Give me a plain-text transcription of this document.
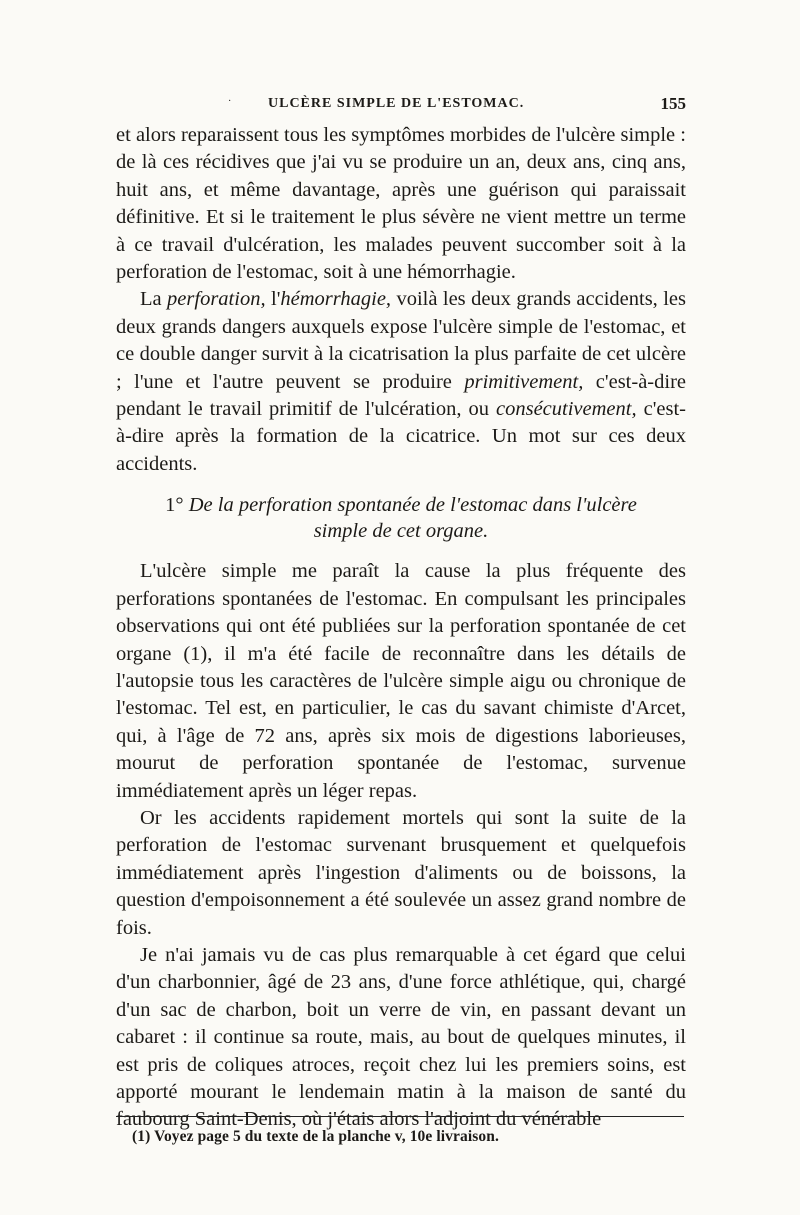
·	ULCÈRE SIMPLE DE L'ESTOMAC.	155

et alors reparaissent tous les symptômes morbides de l'ulcère simple : de là ces récidives que j'ai vu se produire un an, deux ans, cinq ans, huit ans, et même davantage, après une guérison qui paraissait définitive. Et si le traitement le plus sévère ne vient mettre un terme à ce travail d'ulcération, les malades peuvent succomber soit à la perforation de l'estomac, soit à une hémorrhagie.

La perforation, l'hémorrhagie, voilà les deux grands accidents, les deux grands dangers auxquels expose l'ulcère simple de l'estomac, et ce double danger survit à la cicatrisation la plus parfaite de cet ulcère ; l'une et l'autre peuvent se produire primitivement, c'est-à-dire pendant le travail primitif de l'ulcération, ou consécutivement, c'est-à-dire après la formation de la cicatrice. Un mot sur ces deux accidents.

1° De la perforation spontanée de l'estomac dans l'ulcère
simple de cet organe.

L'ulcère simple me paraît la cause la plus fréquente des perforations spontanées de l'estomac. En compulsant les principales observations qui ont été publiées sur la perforation spontanée de cet organe (1), il m'a été facile de reconnaître dans les détails de l'autopsie tous les caractères de l'ulcère simple aigu ou chronique de l'estomac. Tel est, en particulier, le cas du savant chimiste d'Arcet, qui, à l'âge de 72 ans, après six mois de digestions laborieuses, mourut de perforation spontanée de l'estomac, survenue immédiatement après un léger repas.

Or les accidents rapidement mortels qui sont la suite de la perforation de l'estomac survenant brusquement et quelquefois immédiatement après l'ingestion d'aliments ou de boissons, la question d'empoisonnement a été soulevée un assez grand nombre de fois.

Je n'ai jamais vu de cas plus remarquable à cet égard que celui d'un charbonnier, âgé de 23 ans, d'une force athlétique, qui, chargé d'un sac de charbon, boit un verre de vin, en passant devant un cabaret : il continue sa route, mais, au bout de quelques minutes, il est pris de coliques atroces, reçoit chez lui les premiers soins, est apporté mourant le lendemain matin à la maison de santé du faubourg Saint-Denis, où j'étais alors l'adjoint du vénérable

(1) Voyez page 5 du texte de la planche v, 10e livraison.
